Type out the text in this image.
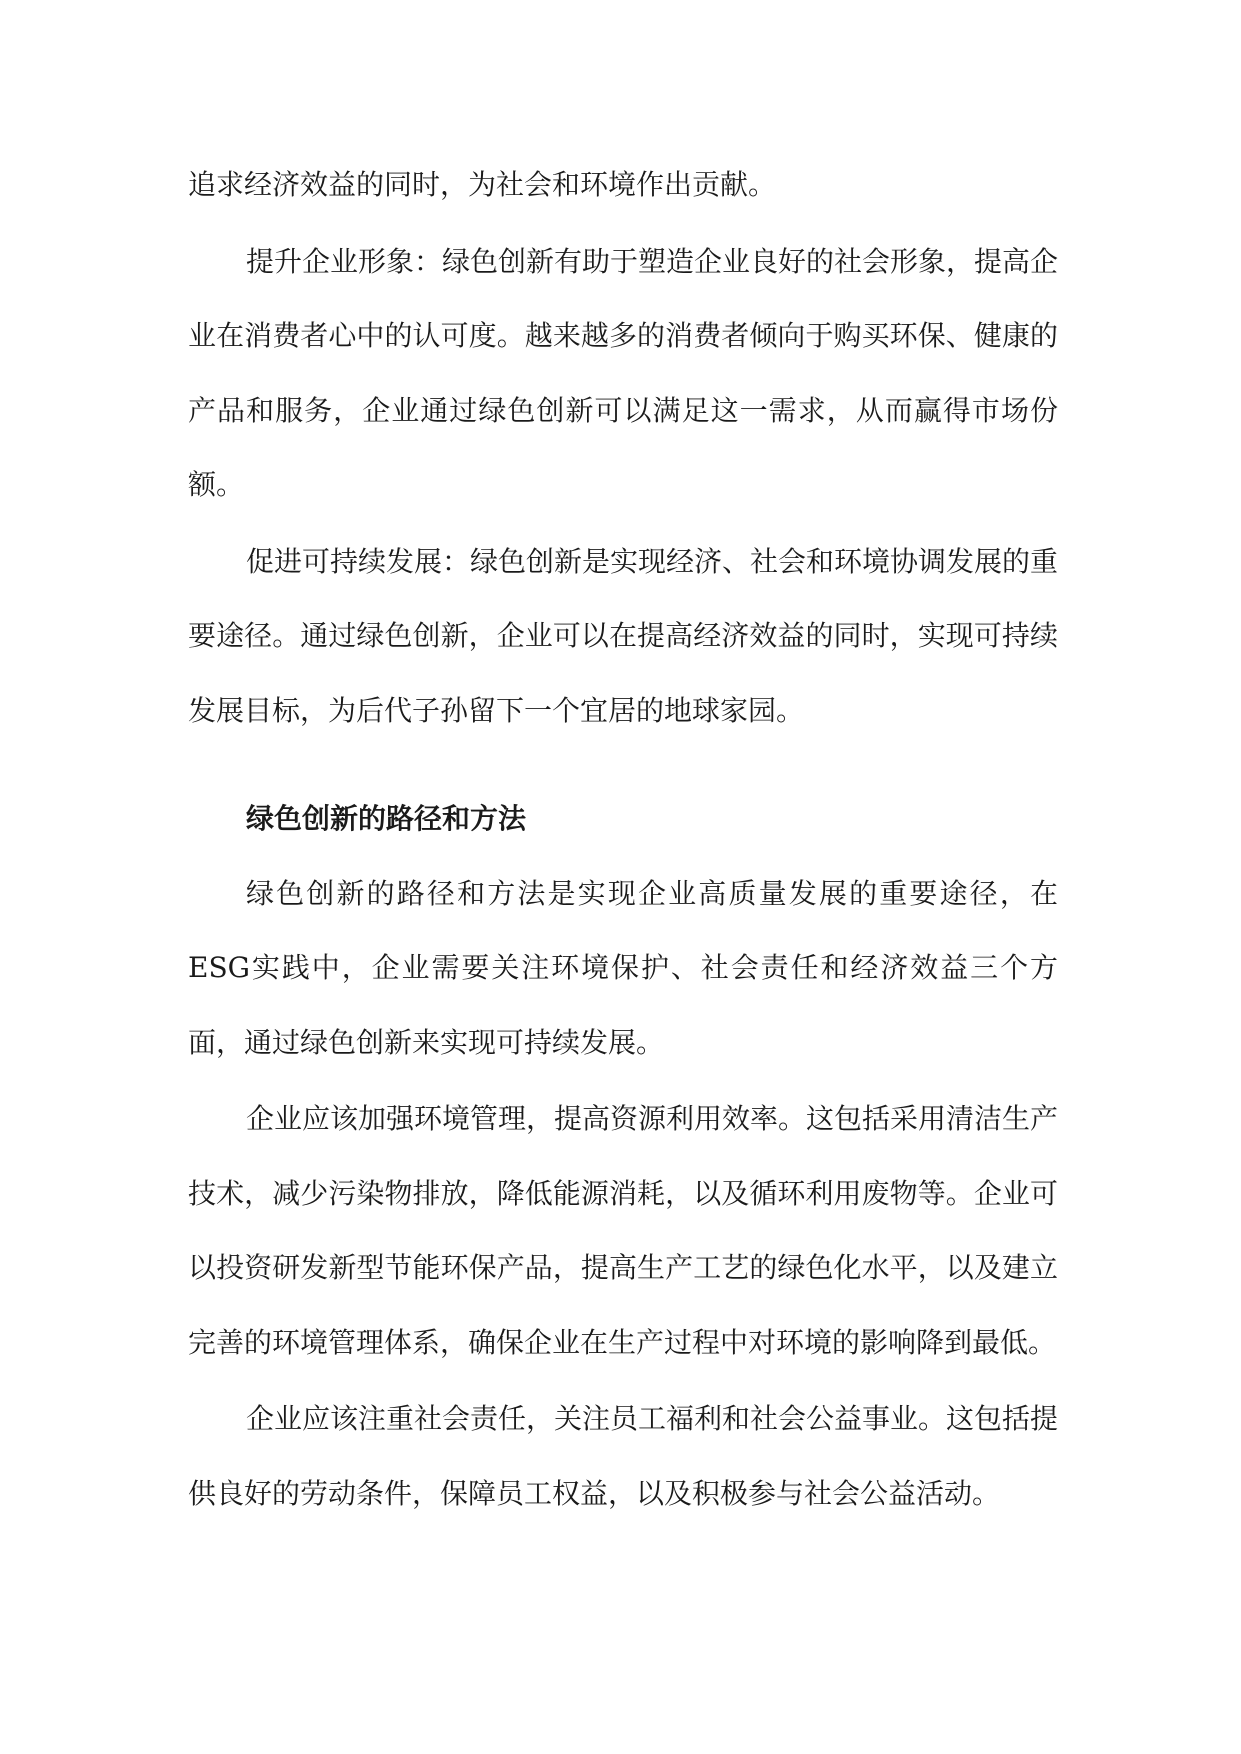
追求经济效益的同时，为社会和环境作出贡献。

提升企业形象：绿色创新有助于塑造企业良好的社会形象，提高企业在消费者心中的认可度。越来越多的消费者倾向于购买环保、健康的产品和服务，企业通过绿色创新可以满足这一需求，从而赢得市场份额。

促进可持续发展：绿色创新是实现经济、社会和环境协调发展的重要途径。通过绿色创新，企业可以在提高经济效益的同时，实现可持续发展目标，为后代子孙留下一个宜居的地球家园。

绿色创新的路径和方法

绿色创新的路径和方法是实现企业高质量发展的重要途径，在ESG实践中，企业需要关注环境保护、社会责任和经济效益三个方面，通过绿色创新来实现可持续发展。

企业应该加强环境管理，提高资源利用效率。这包括采用清洁生产技术，减少污染物排放，降低能源消耗，以及循环利用废物等。企业可以投资研发新型节能环保产品，提高生产工艺的绿色化水平，以及建立完善的环境管理体系，确保企业在生产过程中对环境的影响降到最低。

企业应该注重社会责任，关注员工福利和社会公益事业。这包括提供良好的劳动条件，保障员工权益，以及积极参与社会公益活动。
